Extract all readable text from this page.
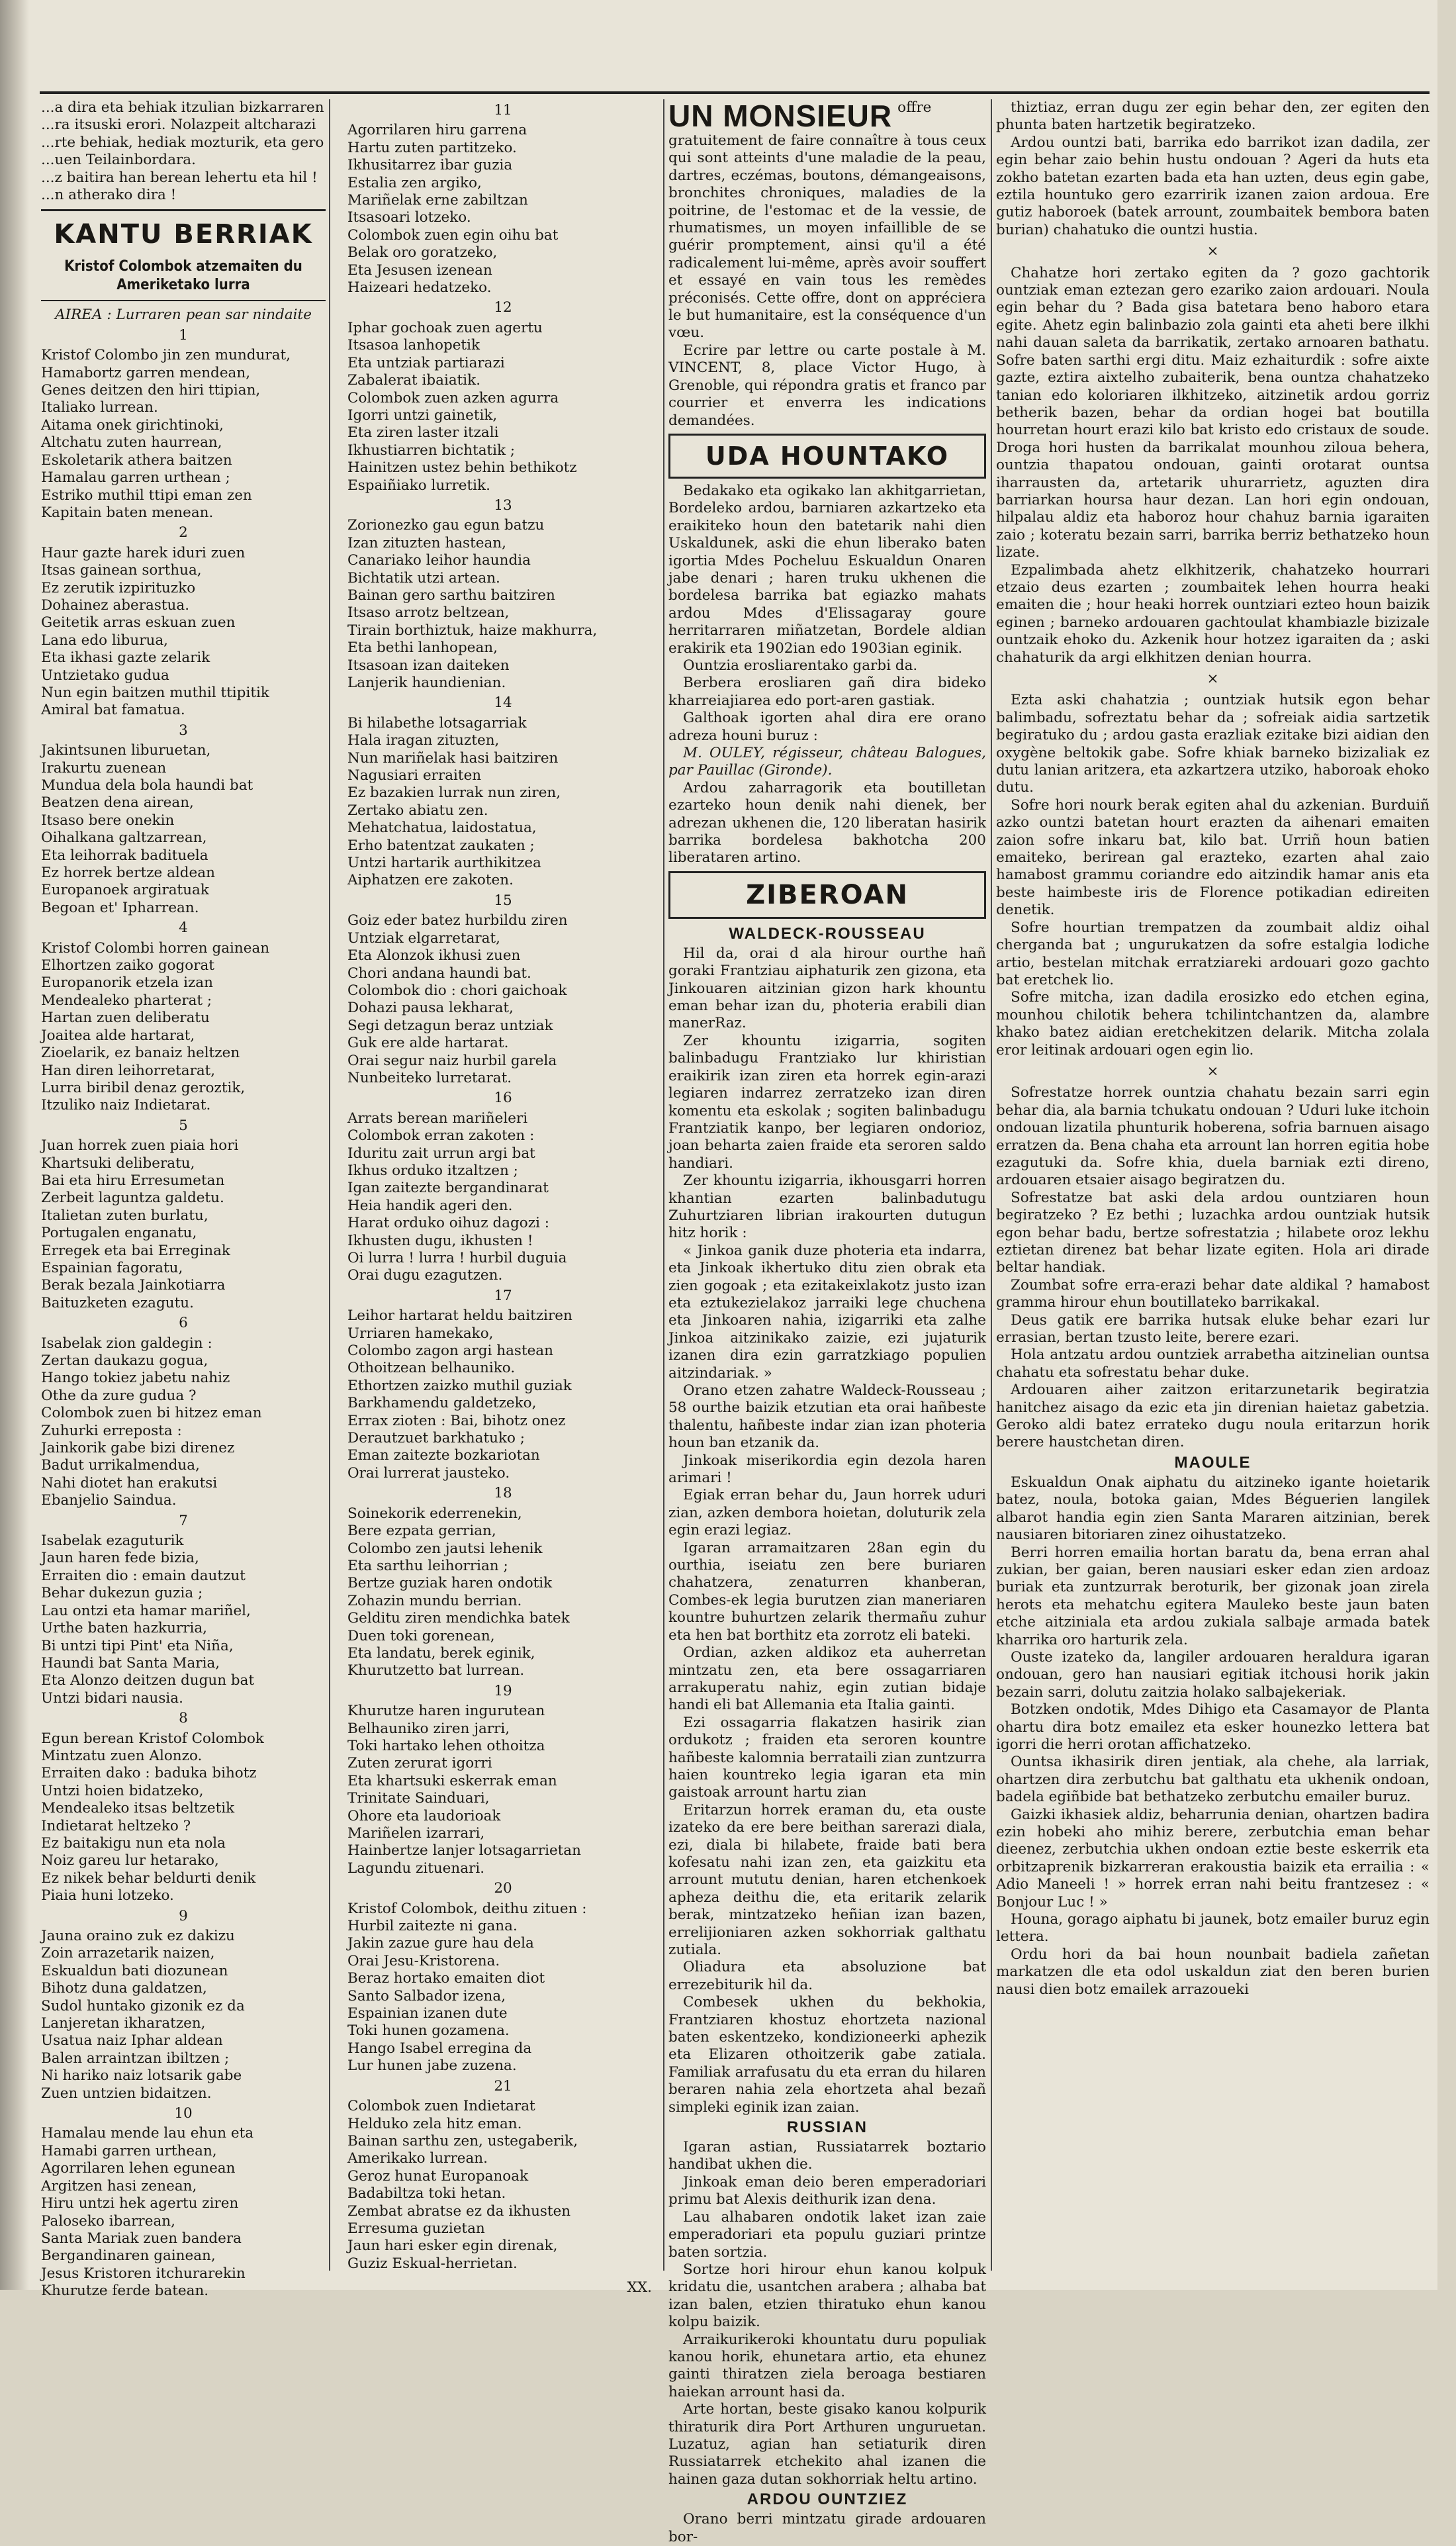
...a dira eta behiak itzulian bizkarraren

...ra itsuski erori. Nolazpeit altcharazi

...rte behiak, hediak mozturik, eta gero

...uen Teilainbordara.

...z baitira han berean lehertu eta hil !

...n atherako dira !

KANTU BERRIAK
Kristof Colombok atzemaiten du Ameriketako lurra
AIREA : Lurraren pean sar nindaite
1

Kristof Colombo jin zen mundurat,

Hamabortz garren mendean,

Genes deitzen den hiri ttipian,

Italiako lurrean.

Aitama onek girichtinoki,

Altchatu zuten haurrean,

Eskoletarik athera baitzen

Hamalau garren urthean ;

Estriko muthil ttipi eman zen

Kapitain baten menean.

2

Haur gazte harek iduri zuen

Itsas gainean sorthua,

Ez zerutik izpirituzko

Dohainez aberastua.

Geitetik arras eskuan zuen

Lana edo liburua,

Eta ikhasi gazte zelarik

Untzietako gudua

Nun egin baitzen muthil ttipitik

Amiral bat famatua.

3

Jakintsunen liburuetan,

Irakurtu zuenean

Mundua dela bola haundi bat

Beatzen dena airean,

Itsaso bere onekin

Oihalkana galtzarrean,

Eta leihorrak badituela

Ez horrek bertze aldean

Europanoek argiratuak

Begoan et' Ipharrean.

4

Kristof Colombi horren gainean

Elhortzen zaiko gogorat

Europanorik etzela izan

Mendealeko pharterat ;

Hartan zuen deliberatu

Joaitea alde hartarat,

Zioelarik, ez banaiz heltzen

Han diren leihorretarat,

Lurra biribil denaz geroztik,

Itzuliko naiz Indietarat.

5

Juan horrek zuen piaia hori

Khartsuki deliberatu,

Bai eta hiru Erresumetan

Zerbeit laguntza galdetu.

Italietan zuten burlatu,

Portugalen enganatu,

Erregek eta bai Erreginak

Espainian fagoratu,

Berak bezala Jainkotiarra

Baituzketen ezagutu.

6

Isabelak zion galdegin :

Zertan daukazu gogua,

Hango tokiez jabetu nahiz

Othe da zure gudua ?

Colombok zuen bi hitzez eman

Zuhurki erreposta :

Jainkorik gabe bizi direnez

Badut urrikalmendua,

Nahi diotet han erakutsi

Ebanjelio Saindua.

7

Isabelak ezaguturik

Jaun haren fede bizia,

Erraiten dio : emain dautzut

Behar dukezun guzia ;

Lau ontzi eta hamar mariñel,

Urthe baten hazkurria,

Bi untzi tipi Pint' eta Niña,

Haundi bat Santa Maria,

Eta Alonzo deitzen dugun bat

Untzi bidari nausia.

8

Egun berean Kristof Colombok

Mintzatu zuen Alonzo.

Erraiten dako : baduka bihotz

Untzi hoien bidatzeko,

Mendealeko itsas beltzetik

Indietarat heltzeko ?

Ez baitakigu nun eta nola

Noiz gareu lur hetarako,

Ez nikek behar beldurti denik

Piaia huni lotzeko.

9

Jauna oraino zuk ez dakizu

Zoin arrazetarik naizen,

Eskualdun bati diozunean

Bihotz duna galdatzen,

Sudol huntako gizonik ez da

Lanjeretan ikharatzen,

Usatua naiz Iphar aldean

Balen arraintzan ibiltzen ;

Ni hariko naiz lotsarik gabe

Zuen untzien bidaitzen.

10

Hamalau mende lau ehun eta

Hamabi garren urthean,

Agorrilaren lehen egunean

Argitzen hasi zenean,

Hiru untzi hek agertu ziren

Paloseko ibarrean,

Santa Mariak zuen bandera

Bergandinaren gainean,

Jesus Kristoren itchurarekin

Khurutze ferde batean.

11

Agorrilaren hiru garrena

Hartu zuten partitzeko.

Ikhusitarrez ibar guzia

Estalia zen argiko,

Mariñelak erne zabiltzan

Itsasoari lotzeko.

Colombok zuen egin oihu bat

Belak oro goratzeko,

Eta Jesusen izenean

Haizeari hedatzeko.

12

Iphar gochoak zuen agertu

Itsasoa lanhopetik

Eta untziak partiarazi

Zabalerat ibaiatik.

Colombok zuen azken agurra

Igorri untzi gainetik,

Eta ziren laster itzali

Ikhustiarren bichtatik ;

Hainitzen ustez behin bethikotz

Espaiñiako lurretik.

13

Zorionezko gau egun batzu

Izan zituzten hastean,

Canariako leihor haundia

Bichtatik utzi artean.

Bainan gero sarthu baitziren

Itsaso arrotz beltzean,

Tirain borthiztuk, haize makhurra,

Eta bethi lanhopean,

Itsasoan izan daiteken

Lanjerik haundienian.

14

Bi hilabethe lotsagarriak

Hala iragan zituzten,

Nun mariñelak hasi baitziren

Nagusiari erraiten

Ez bazakien lurrak nun ziren,

Zertako abiatu zen.

Mehatchatua, laidostatua,

Erho batentzat zaukaten ;

Untzi hartarik aurthikitzea

Aiphatzen ere zakoten.

15

Goiz eder batez hurbildu ziren

Untziak elgarretarat,

Eta Alonzok ikhusi zuen

Chori andana haundi bat.

Colombok dio : chori gaichoak

Dohazi pausa lekharat,

Segi detzagun beraz untziak

Guk ere alde hartarat.

Orai segur naiz hurbil garela

Nunbeiteko lurretarat.

16

Arrats berean mariñeleri

Colombok erran zakoten :

Iduritu zait urrun argi bat

Ikhus orduko itzaltzen ;

Igan zaitezte bergandinarat

Heia handik ageri den.

Harat orduko oihuz dagozi :

Ikhusten dugu, ikhusten !

Oi lurra ! lurra ! hurbil duguia

Orai dugu ezagutzen.

17

Leihor hartarat heldu baitziren

Urriaren hamekako,

Colombo zagon argi hastean

Othoitzean belhauniko.

Ethortzen zaizko muthil guziak

Barkhamendu galdetzeko,

Errax zioten : Bai, bihotz onez

Derautzuet barkhatuko ;

Eman zaitezte bozkariotan

Orai lurrerat jausteko.

18

Soinekorik ederrenekin,

Bere ezpata gerrian,

Colombo zen jautsi lehenik

Eta sarthu leihorrian ;

Bertze guziak haren ondotik

Zohazin mundu berrian.

Gelditu ziren mendichka batek

Duen toki gorenean,

Eta landatu, berek eginik,

Khurutzetto bat lurrean.

19

Khurutze haren ingurutean

Belhauniko ziren jarri,

Toki hartako lehen othoitza

Zuten zerurat igorri

Eta khartsuki eskerrak eman

Trinitate Sainduari,

Ohore eta laudorioak

Mariñelen izarrari,

Hainbertze lanjer lotsagarrietan

Lagundu zituenari.

20

Kristof Colombok, deithu zituen :

Hurbil zaitezte ni gana.

Jakin zazue gure hau dela

Orai Jesu-Kristorena.

Beraz hortako emaiten diot

Santo Salbador izena,

Espainian izanen dute

Toki hunen gozamena.

Hango Isabel erregina da

Lur hunen jabe zuzena.

21

Colombok zuen Indietarat

Helduko zela hitz eman.

Bainan sarthu zen, ustegaberik,

Amerikako lurrean.

Geroz hunat Europanoak

Badabiltza toki hetan.

Zembat abratse ez da ikhusten

Erresuma guzietan

Jaun hari esker egin direnak,

Guziz Eskual-herrietan.

XX.

UN MONSIEUR offre gratuitement de faire connaître à tous ceux qui sont atteints d'une maladie de la peau, dartres, eczémas, boutons, démangeaisons, bronchites chroniques, maladies de la poitrine, de l'estomac et de la vessie, de rhumatismes, un moyen infaillible de se guérir promptement, ainsi qu'il a été radicalement lui-même, après avoir souffert et essayé en vain tous les remèdes préconisés. Cette offre, dont on appréciera le but humanitaire, est la conséquence d'un vœu.

Ecrire par lettre ou carte postale à M. VINCENT, 8, place Victor Hugo, à Grenoble, qui répondra gratis et franco par courrier et enverra les indications demandées.

UDA HOUNTAKO

Bedakako eta ogikako lan akhitgarrietan, Bordeleko ardou, barniaren azkartzeko eta eraikiteko houn den batetarik nahi dien Uskaldunek, aski die ehun liberako baten igortia Mdes Pocheluu Eskualdun Onaren jabe denari ; haren truku ukhenen die bordelesa barrika bat egiazko mahats ardou Mdes d'Elissagaray goure herritarraren miñatzetan, Bordele aldian erakirik eta 1902ian edo 1903ian eginik.

Ountzia erosliarentako garbi da.

Berbera erosliaren gañ dira bideko kharreiajiarea edo port-aren gastiak.

Galthoak igorten ahal dira ere orano adreza houni buruz :

M. OULEY, régisseur, château Balogues, par Pauillac (Gironde).

Ardou zaharragorik eta boutilletan ezarteko houn denik nahi dienek, ber adrezan ukhenen die, 120 liberatan hasirik barrika bordelesa bakhotcha 200 liberataren artino.

ZIBEROAN
WALDECK-ROUSSEAU

Hil da, orai d ala hirour ourthe hañ goraki Frantziau aiphaturik zen gizona, eta Jinkouaren aitzinian gizon hark khountu eman behar izan du, photeria erabili dian manerRaz.

Zer khountu izigarria, sogiten balinbadugu Frantziako lur khiristian eraikirik izan ziren eta horrek egin-arazi legiaren indarrez zerratzeko izan diren komentu eta eskolak ; sogiten balinbadugu Frantziatik kanpo, ber legiaren ondorioz, joan beharta zaien fraide eta seroren saldo handiari.

Zer khountu izigarria, ikhousgarri horren khantian ezarten balinbadutugu Zuhurtziaren librian irakourten dutugun hitz horik :

« Jinkoa ganik duze photeria eta indarra, eta Jinkoak ikhertuko ditu zien obrak eta zien gogoak ; eta ezitakeixlakotz justo izan eta eztukezielakoz jarraiki lege chuchena eta Jinkoaren nahia, izigarriki eta zalhe Jinkoa aitzinikako zaizie, ezi jujaturik izanen dira ezin garratzkiago populien aitzindariak. »

Orano etzen zahatre Waldeck-Rousseau ; 58 ourthe baizik etzutian eta orai hañbeste thalentu, hañbeste indar zian izan photeria houn ban etzanik da.

Jinkoak miserikordia egin dezola haren arimari !

Egiak erran behar du, Jaun horrek uduri zian, azken dembora hoietan, doluturik zela egin erazi legiaz.

Igaran arramaitzaren 28an egin du ourthia, iseiatu zen bere buriaren chahatzera, zenaturren khanberan, Combes-ek legia burutzen zian maneriaren kountre buhurtzen zelarik thermañu zuhur eta hen bat borthitz eta zorrotz eli bateki.

Ordian, azken aldikoz eta auherretan mintzatu zen, eta bere ossagarriaren arrakuperatu nahiz, egin zutian bidaje handi eli bat Allemania eta Italia gainti.

Ezi ossagarria flakatzen hasirik zian ordukotz ; fraiden eta seroren kountre hañbeste kalomnia berrataili zian zuntzurra haien kountreko legia igaran eta min gaistoak arrount hartu zian

Eritarzun horrek eraman du, eta ouste izateko da ere bere beithan sarerazi diala, ezi, diala bi hilabete, fraide bati bera kofesatu nahi izan zen, eta gaizkitu eta arrount mututu denian, haren etchenkoek apheza deithu die, eta eritarik zelarik berak, mintzatzeko heñian izan bazen, errelijioniaren azken sokhorriak galthatu zutiala.

Oliadura eta absoluzione bat errezebiturik hil da.

Combesek ukhen du bekhokia, Frantziaren khostuz ehortzeta nazional baten eskentzeko, kondizioneerki aphezik eta Elizaren othoitzerik gabe zatiala. Familiak arrafusatu du eta erran du hilaren beraren nahia zela ehortzeta ahal bezañ simpleki eginik izan zaian.

RUSSIAN

Igaran astian, Russiatarrek boztario handibat ukhen die.

Jinkoak eman deio beren emperadoriari primu bat Alexis deithurik izan dena.

Lau alhabaren ondotik laket izan zaie emperadoriari eta populu guziari printze baten sortzia.

Sortze hori hirour ehun kanou kolpuk kridatu die, usantchen arabera ; alhaba bat izan balen, etzien thiratuko ehun kanou kolpu baizik.

Arraikurikeroki khountatu duru populiak kanou horik, ehunetara artio, eta ehunez gainti thiratzen ziela beroaga bestiaren haiekan arrount hasi da.

Arte hortan, beste gisako kanou kolpurik thiraturik dira Port Arthuren unguruetan. Luzatuz, agian han setiaturik diren Russiatarrek etchekito ahal izanen die hainen gaza dutan sokhorriak heltu artino.

ARDOU OUNTZIEZ

Orano berri mintzatu girade ardouaren bor-

thiztiaz, erran dugu zer egin behar den, zer egiten den phunta baten hartzetik begiratzeko.

Ardou ountzi bati, barrika edo barrikot izan dadila, zer egin behar zaio behin hustu ondouan ? Ageri da huts eta zokho batetan ezarten bada eta han uzten, deus egin gabe, eztila hountuko gero ezarririk izanen zaion ardoua. Ere gutiz haboroek (batek arrount, zoumbaitek bembora baten burian) chahatuko die ountzi hustia.

×

Chahatze hori zertako egiten da ? gozo gachtorik ountziak eman eztezan gero ezariko zaion ardouari. Noula egin behar du ? Bada gisa batetara beno haboro etara egite. Ahetz egin balinbazio zola gainti eta aheti bere ilkhi nahi dauan saleta da barrikatik, zertako arnoaren bathatu. Sofre baten sarthi ergi ditu. Maiz ezhaiturdik : sofre aixte gazte, eztira aixtelho zubaiterik, bena ountza chahatzeko tanian edo koloriaren ilkhitzeko, aitzinetik ardou gorriz betherik bazen, behar da ordian hogei bat boutilla hourretan hourt erazi kilo bat kristo edo cristaux de soude. Droga hori husten da barrikalat mounhou ziloua behera, ountzia thapatou ondouan, gainti orotarat ountsa iharrausten da, artetarik uhurarrietz, aguzten dira barriarkan hoursa haur dezan. Lan hori egin ondouan, hilpalau aldiz eta haboroz hour chahuz barnia igaraiten zaio ; koteratu bezain sarri, barrika berriz bethatzeko houn lizate.

Ezpalimbada ahetz elkhitzerik, chahatzeko hourrari etzaio deus ezarten ; zoumbaitek lehen hourra heaki emaiten die ; hour heaki horrek ountziari ezteo houn baizik eginen ; barneko ardouaren gachtoulat khambiazle bizizale ountzaik ehoko du. Azkenik hour hotzez igaraiten da ; aski chahaturik da argi elkhitzen denian hourra.

×

Ezta aski chahatzia ; ountziak hutsik egon behar balimbadu, sofreztatu behar da ; sofreiak aidia sartzetik begiratuko du ; ardou gasta erazliak ezitake bizi aidian den oxygène beltokik gabe. Sofre khiak barneko bizizaliak ez dutu lanian aritzera, eta azkartzera utziko, haboroak ehoko dutu.

Sofre hori nourk berak egiten ahal du azkenian. Burduiñ azko ountzi batetan hourt erazten da aihenari emaiten zaion sofre inkaru bat, kilo bat. Urriñ houn batien emaiteko, berirean gal erazteko, ezarten ahal zaio hamabost grammu coriandre edo aitzindik hamar anis eta beste haimbeste iris de Florence potikadian edireiten denetik.

Sofre hourtian trempatzen da zoumbait aldiz oihal cherganda bat ; ungurukatzen da sofre estalgia lodiche artio, bestelan mitchak erratziareki ardouari gozo gachto bat eretchek lio.

Sofre mitcha, izan dadila erosizko edo etchen egina, mounhou chilotik behera tchilintchantzen da, alambre khako batez aidian eretchekitzen delarik. Mitcha zolala eror leitinak ardouari ogen egin lio.

×

Sofrestatze horrek ountzia chahatu bezain sarri egin behar dia, ala barnia tchukatu ondouan ? Uduri luke itchoin ondouan lizatila phunturik hoberena, sofria barnuen aisago erratzen da. Bena chaha eta arrount lan horren egitia hobe ezagutuki da. Sofre khia, duela barniak ezti direno, ardouaren etsaier aisago begiratzen du.

Sofrestatze bat aski dela ardou ountziaren houn begiratzeko ? Ez bethi ; luzachka ardou ountziak hutsik egon behar badu, bertze sofrestatzia ; hilabete oroz lekhu eztietan direnez bat behar lizate egiten. Hola ari dirade beltar handiak.

Zoumbat sofre erra-erazi behar date aldikal ? hamabost gramma hirour ehun boutillateko barrikakal.

Deus gatik ere barrika hutsak eluke behar ezari lur errasian, bertan tzusto leite, berere ezari.

Hola antzatu ardou ountziek arrabetha aitzinelian ountsa chahatu eta sofrestatu behar duke.

Ardouaren aiher zaitzon eritarzunetarik begiratzia hanitchez aisago da ezic eta jin direnian haietaz gabetzia. Geroko aldi batez errateko dugu noula eritarzun horik berere haustchetan diren.

MAOULE

Eskualdun Onak aiphatu du aitzineko igante hoietarik batez, noula, botoka gaian, Mdes Béguerien langilek albarot handia egin zien Santa Mararen aitzinian, berek nausiaren bitoriaren zinez oihustatzeko.

Berri horren emailia hortan baratu da, bena erran ahal zukian, ber gaian, beren nausiari esker edan zien ardoaz buriak eta zuntzurrak beroturik, ber gizonak joan zirela herots eta mehatchu egitera Mauleko beste jaun baten etche aitziniala eta ardou zukiala salbaje armada batek kharrika oro harturik zela.

Ouste izateko da, langiler ardouaren heraldura igaran ondouan, gero han nausiari egitiak itchousi horik jakin bezain sarri, dolutu zaitzia holako salbajekeriak.

Botzken ondotik, Mdes Dihigo eta Casamayor de Planta ohartu dira botz emailez eta esker hounezko lettera bat igorri die herri orotan affichatzeko.

Ountsa ikhasirik diren jentiak, ala chehe, ala larriak, ohartzen dira zerbutchu bat galthatu eta ukhenik ondoan, badela egiñbide bat bethatzeko zerbutchu emailer buruz.

Gaizki ikhasiek aldiz, beharrunia denian, ohartzen badira ezin hobeki aho mihiz berere, zerbutchia eman behar dieenez, zerbutchia ukhen ondoan eztie beste eskerrik eta orbitzaprenik bizkarreran erakoustia baizik eta errailia : « Adio Maneeli ! » horrek erran nahi beitu frantzesez : « Bonjour Luc ! »

Houna, gorago aiphatu bi jaunek, botz emailer buruz egin lettera.

Ordu hori da bai houn nounbait badiela zañetan markatzen dle eta odol uskaldun ziat den beren burien nausi dien botz emailek arrazoueki
